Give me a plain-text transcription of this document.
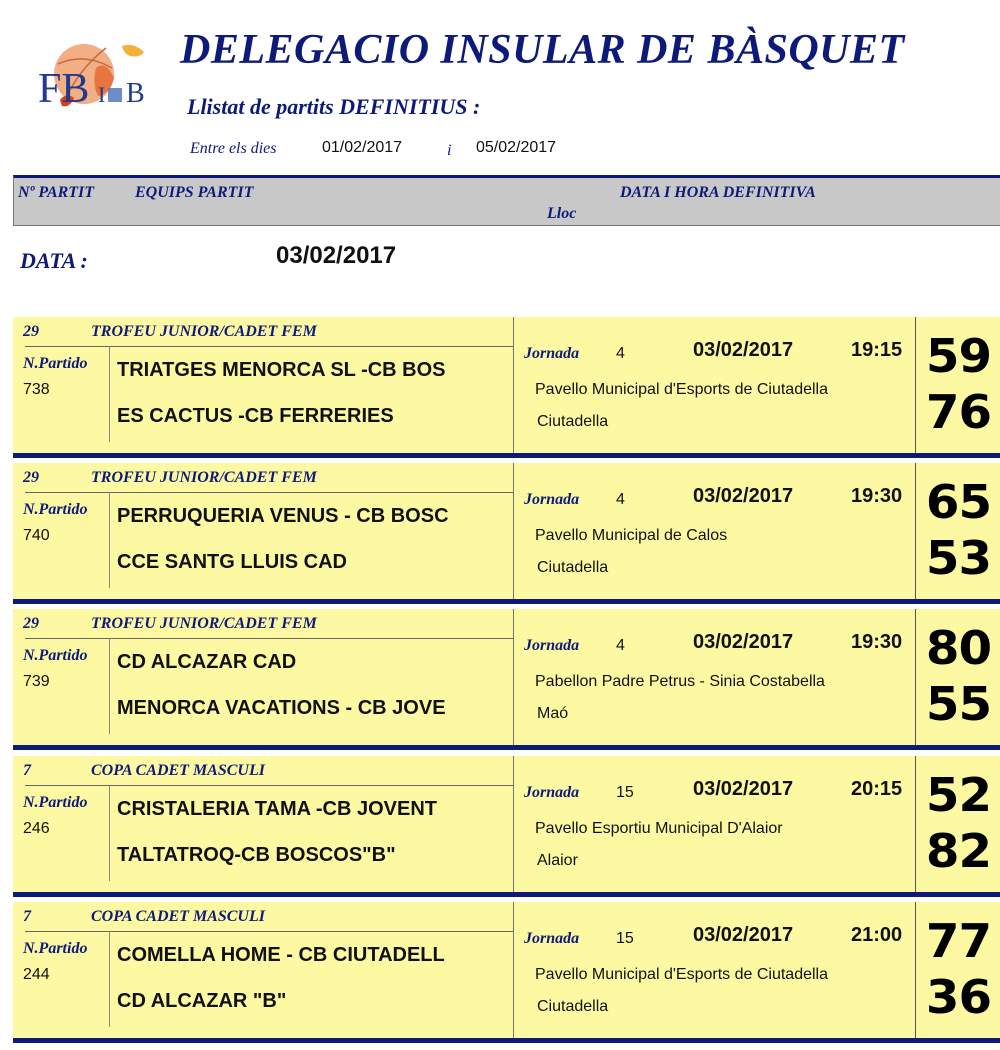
FB I B
DELEGACIO INSULAR DE BÀSQUET
Llistat de partits DEFINITIUS :
Entre els dies	01/02/2017	i 05/02/2017
Nº PARTIT	EQUIPS PARTIT	DATA I HORA DEFINITIVA
Lloc
DATA :	03/02/2017
29	TROFEU JUNIOR/CADET FEM
N.Partido
738
TRIATGES MENORCA SL -CB BOS
ES CACTUS -CB FERRERIES
Jornada 4	03/02/2017	19:15
Pavello Municipal d'Esports de Ciutadella
Ciutadella
59
76
29	TROFEU JUNIOR/CADET FEM
N.Partido
740
PERRUQUERIA VENUS - CB BOSC
CCE SANTG LLUIS CAD
Jornada 4	03/02/2017	19:30
Pavello Municipal de Calos
Ciutadella
65
53
29	TROFEU JUNIOR/CADET FEM
N.Partido
739
CD ALCAZAR CAD
MENORCA VACATIONS - CB JOVE
Jornada 4	03/02/2017	19:30
Pabellon Padre Petrus - Sinia Costabella
Maó
80
55
7	COPA CADET MASCULI
N.Partido
246
CRISTALERIA TAMA -CB JOVENT
TALTATROQ-CB BOSCOS"B"
Jornada 15	03/02/2017	20:15
Pavello Esportiu Municipal D'Alaior
Alaior
52
82
7	COPA CADET MASCULI
N.Partido
244
COMELLA HOME - CB CIUTADELL
CD ALCAZAR "B"
Jornada 15	03/02/2017	21:00
Pavello Municipal d'Esports de Ciutadella
Ciutadella
77
36
